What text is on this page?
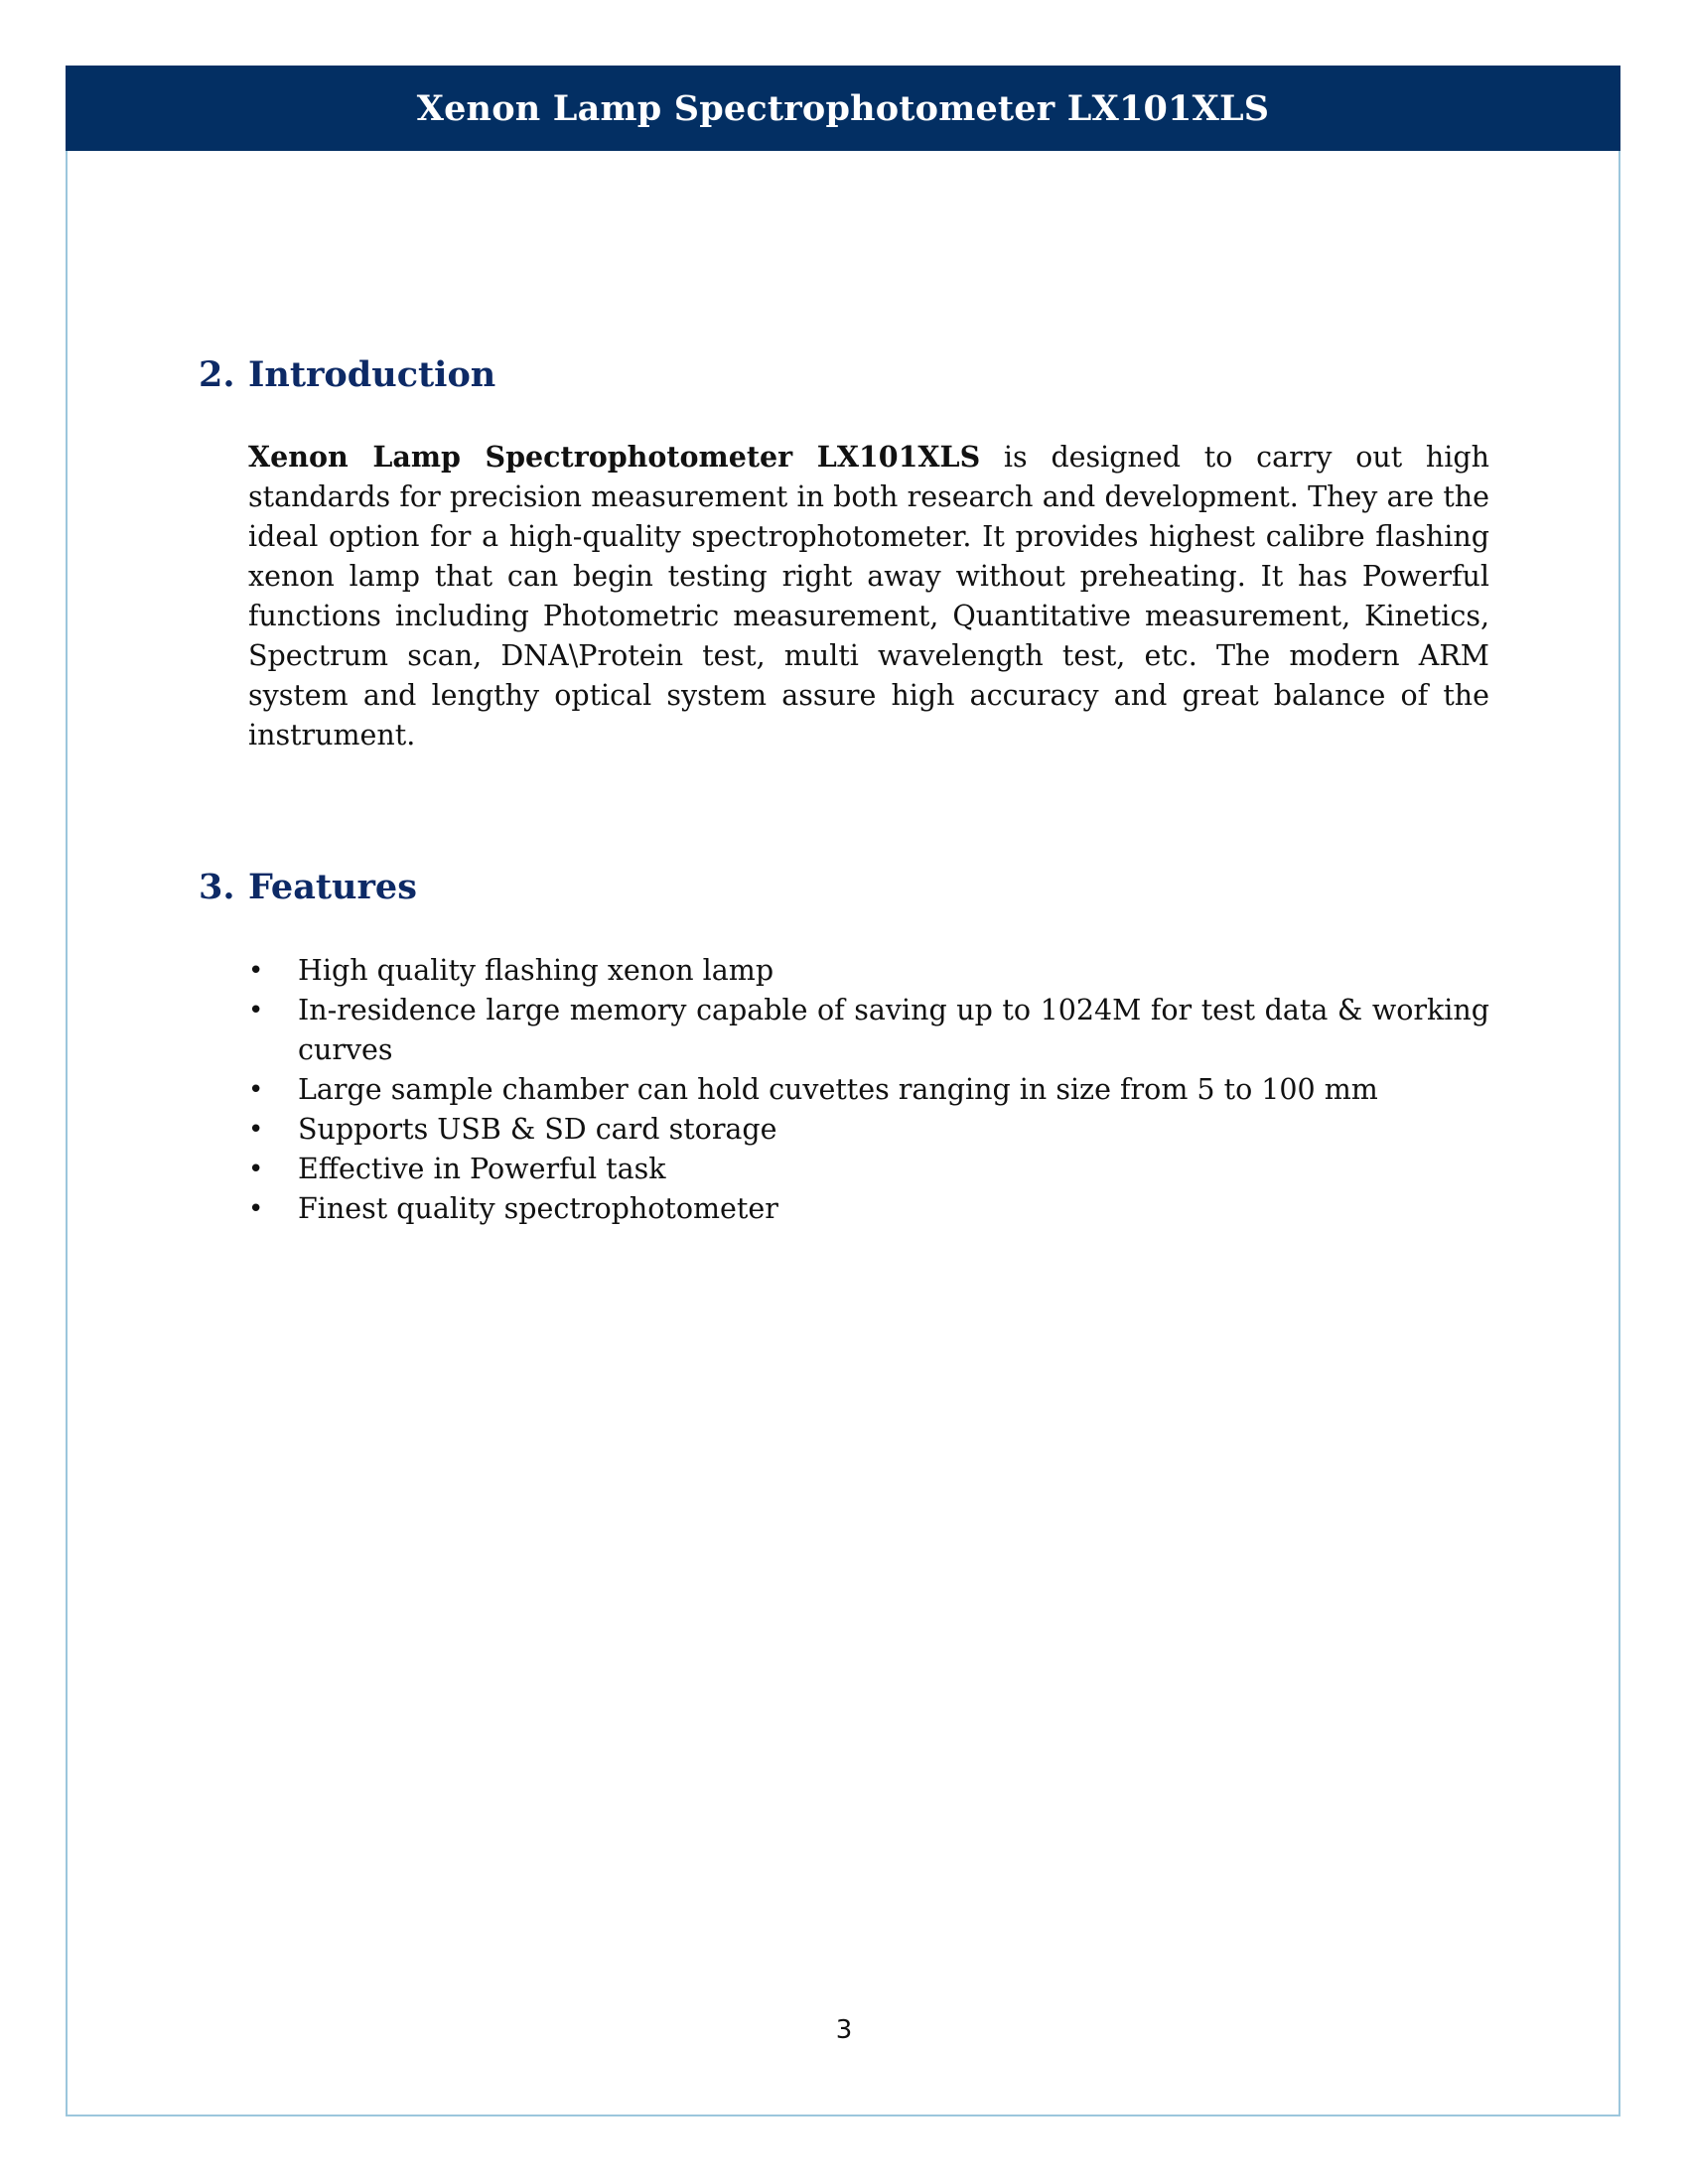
Xenon Lamp Spectrophotometer LX101XLS
2. Introduction

Xenon Lamp Spectrophotometer LX101XLS is designed to carry out high standards for precision measurement in both research and development. They are the ideal option for a high-quality spectrophotometer. It provides highest calibre flashing xenon lamp that can begin testing right away without preheating. It has Powerful functions including Photometric measurement, Quantitative measurement, Kinetics, Spectrum scan, DNA\Protein test, multi wavelength test, etc. The modern ARM system and lengthy optical system assure high accuracy and great balance of the instrument.

3. Features
•	High quality flashing xenon lamp
•	In-residence large memory capable of saving up to 1024M for test data & working curves
•	Large sample chamber can hold cuvettes ranging in size from 5 to 100 mm
•	Supports USB & SD card storage
•	Effective in Powerful task
•	Finest quality spectrophotometer
3
